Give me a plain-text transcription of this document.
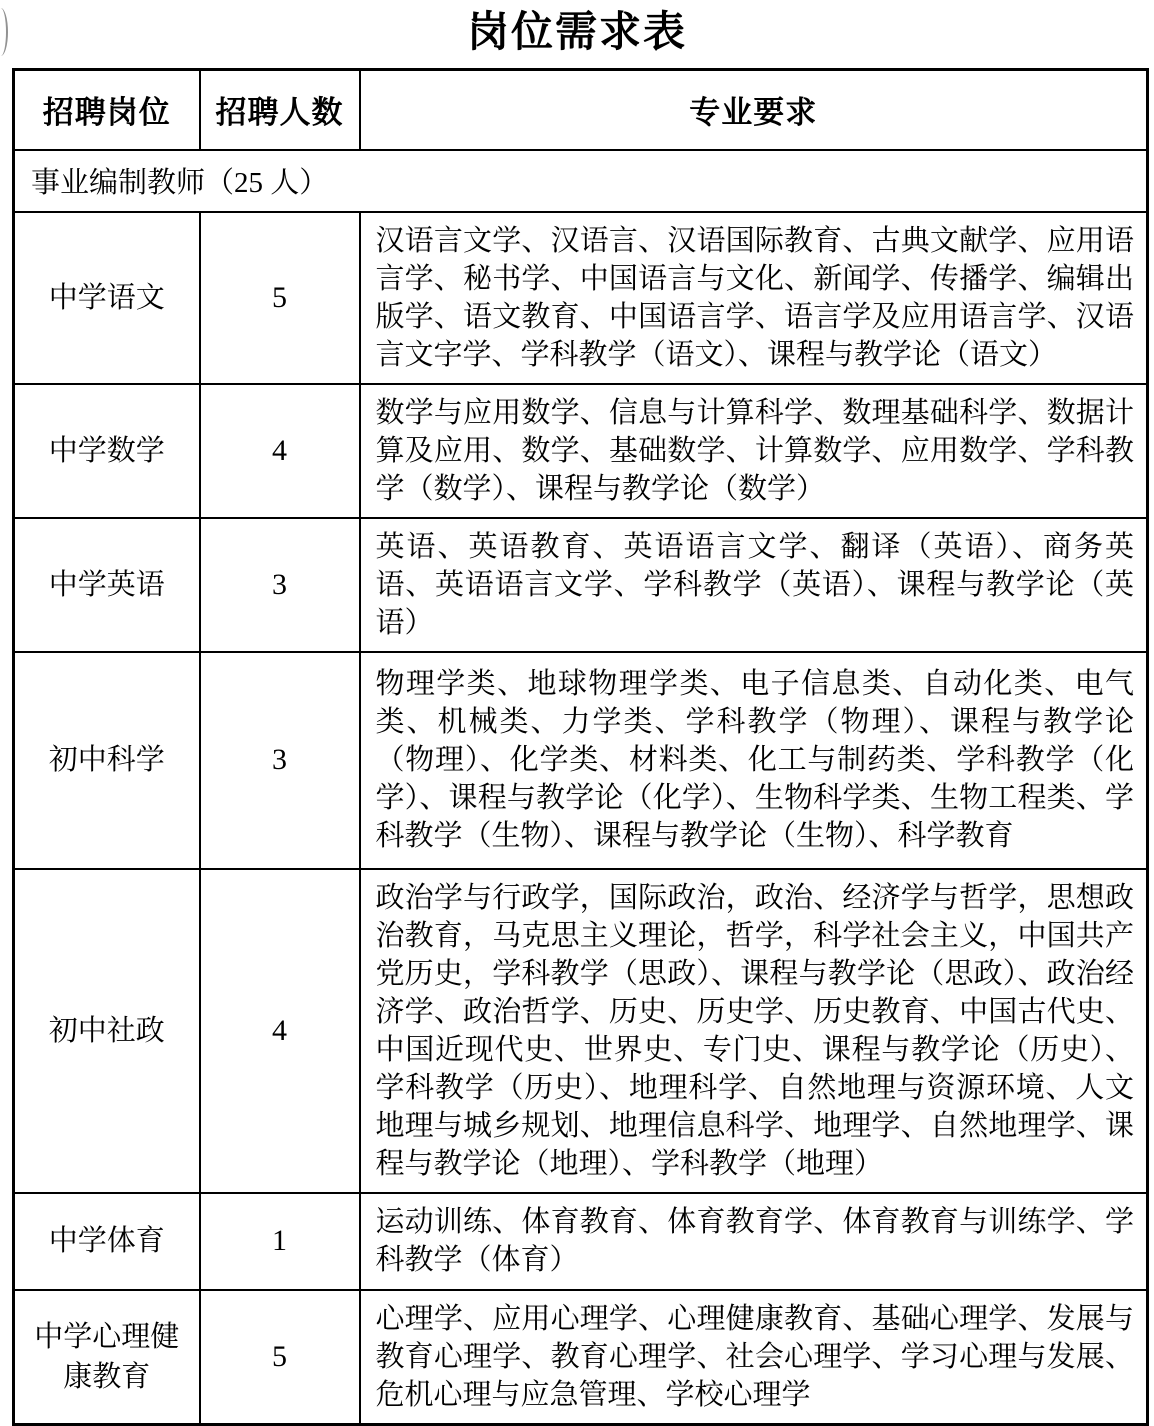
岗位需求表
招聘岗位	招聘人数	专业要求
事业编制教师（25 人）		
中学语文	5	汉语言文学、汉语言、汉语国际教育、古典文献学、应用语言学、秘书学、中国语言与文化、新闻学、传播学、编辑出版学、语文教育、中国语言学、语言学及应用语言学、汉语言文字学、学科教学（语文）、课程与教学论（语文）
中学数学	4	数学与应用数学、信息与计算科学、数理基础科学、数据计算及应用、数学、基础数学、计算数学、应用数学、学科教学（数学）、课程与教学论（数学）
中学英语	3	英语、英语教育、英语语言文学、翻译（英语）、商务英语、英语语言文学、学科教学（英语）、课程与教学论（英语）
初中科学	3	物理学类、地球物理学类、电子信息类、自动化类、电气类、机械类、力学类、学科教学（物理）、课程与教学论（物理）、化学类、材料类、化工与制药类、学科教学（化学）、课程与教学论（化学）、生物科学类、生物工程类、学科教学（生物）、课程与教学论（生物）、科学教育
初中社政	4	政治学与行政学，国际政治，政治、经济学与哲学，思想政治教育，马克思主义理论，哲学，科学社会主义，中国共产党历史，学科教学（思政）、课程与教学论（思政）、政治经济学、政治哲学、历史、历史学、历史教育、中国古代史、中国近现代史、世界史、专门史、课程与教学论（历史）、学科教学（历史）、地理科学、自然地理与资源环境、人文地理与城乡规划、地理信息科学、地理学、自然地理学、课程与教学论（地理）、学科教学（地理）
中学体育	1	运动训练、体育教育、体育教育学、体育教育与训练学、学科教学（体育）
中学心理健康教育	5	心理学、应用心理学、心理健康教育、基础心理学、发展与教育心理学、教育心理学、社会心理学、学习心理与发展、危机心理与应急管理、学校心理学
